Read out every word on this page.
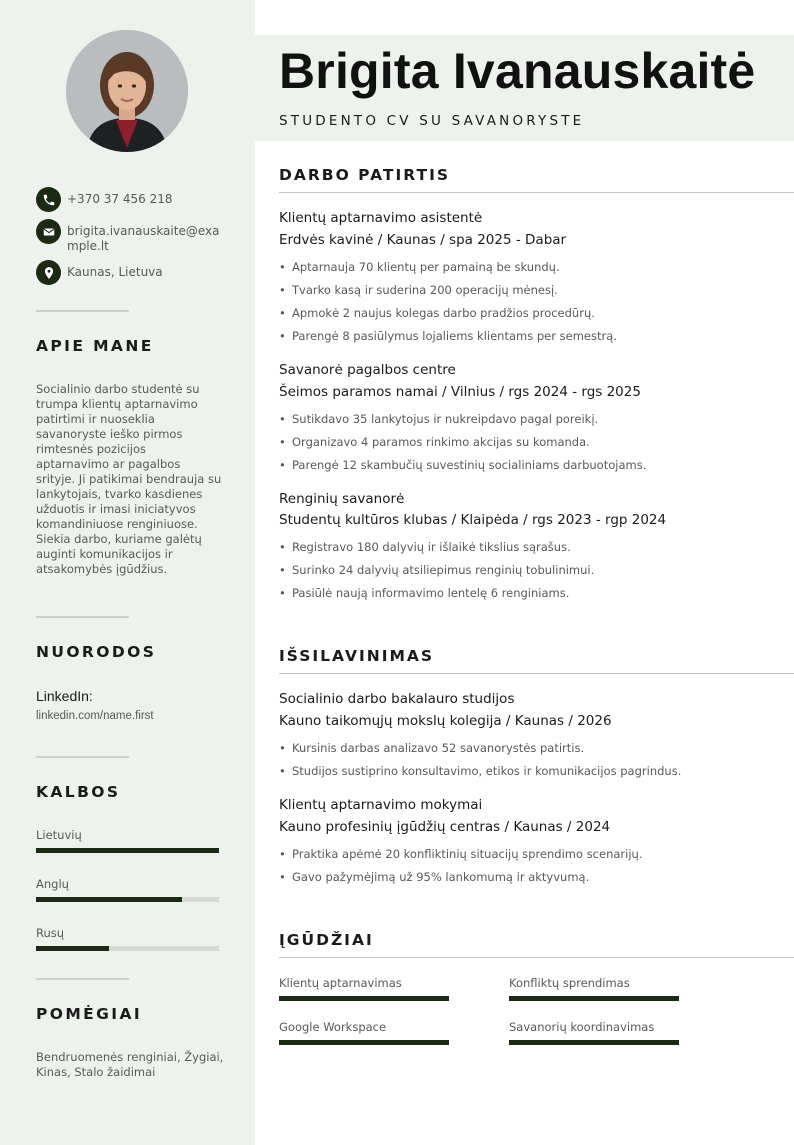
+370 37 456 218
brigita.ivanauskaite@example.lt
Kaunas, Lietuva
APIE MANE
Socialinio darbo studentė su trumpa klientų aptarnavimo patirtimi ir nuoseklia savanoryste ieško pirmos rimtesnės pozicijos aptarnavimo ar pagalbos srityje. Ji patikimai bendrauja su lankytojais, tvarko kasdienes užduotis ir imasi iniciatyvos komandiniuose renginiuose. Siekia darbo, kuriame galėtų auginti komunikacijos ir atsakomybės įgūdžius.
NUORODOS
LinkedIn:
linkedin.com/name.first
KALBOS
Lietuvių
Anglų
Rusų
POMĖGIAI
Bendruomenės renginiai, Žygiai, Kinas, Stalo žaidimai
Brigita Ivanauskaitė
STUDENTO CV SU SAVANORYSTE
DARBO PATIRTIS
Klientų aptarnavimo asistentė
Erdvės kavinė / Kaunas / spa 2025 - Dabar
• Aptarnauja 70 klientų per pamainą be skundų.
• Tvarko kasą ir suderina 200 operacijų mėnesį.
• Apmokė 2 naujus kolegas darbo pradžios procedūrų.
• Parengė 8 pasiūlymus lojaliems klientams per semestrą.
Savanorė pagalbos centre
Šeimos paramos namai / Vilnius / rgs 2024 - rgs 2025
• Sutikdavo 35 lankytojus ir nukreipdavo pagal poreikį.
• Organizavo 4 paramos rinkimo akcijas su komanda.
• Parengė 12 skambučių suvestinių socialiniams darbuotojams.
Renginių savanorė
Studentų kultūros klubas / Klaipėda / rgs 2023 - rgp 2024
• Registravo 180 dalyvių ir išlaikė tikslius sąrašus.
• Surinko 24 dalyvių atsiliepimus renginių tobulinimui.
• Pasiūlė naują informavimo lentelę 6 renginiams.
IŠSILAVINIMAS
Socialinio darbo bakalauro studijos
Kauno taikomųjų mokslų kolegija / Kaunas / 2026
• Kursinis darbas analizavo 52 savanorystės patirtis.
• Studijos sustiprino konsultavimo, etikos ir komunikacijos pagrindus.
Klientų aptarnavimo mokymai
Kauno profesinių įgūdžių centras / Kaunas / 2024
• Praktika apėmė 20 konfliktinių situacijų sprendimo scenarijų.
• Gavo pažymėjimą už 95% lankomumą ir aktyvumą.
ĮGŪDŽIAI
Klientų aptarnavimas	Konfliktų sprendimas
Google Workspace	Savanorių koordinavimas
